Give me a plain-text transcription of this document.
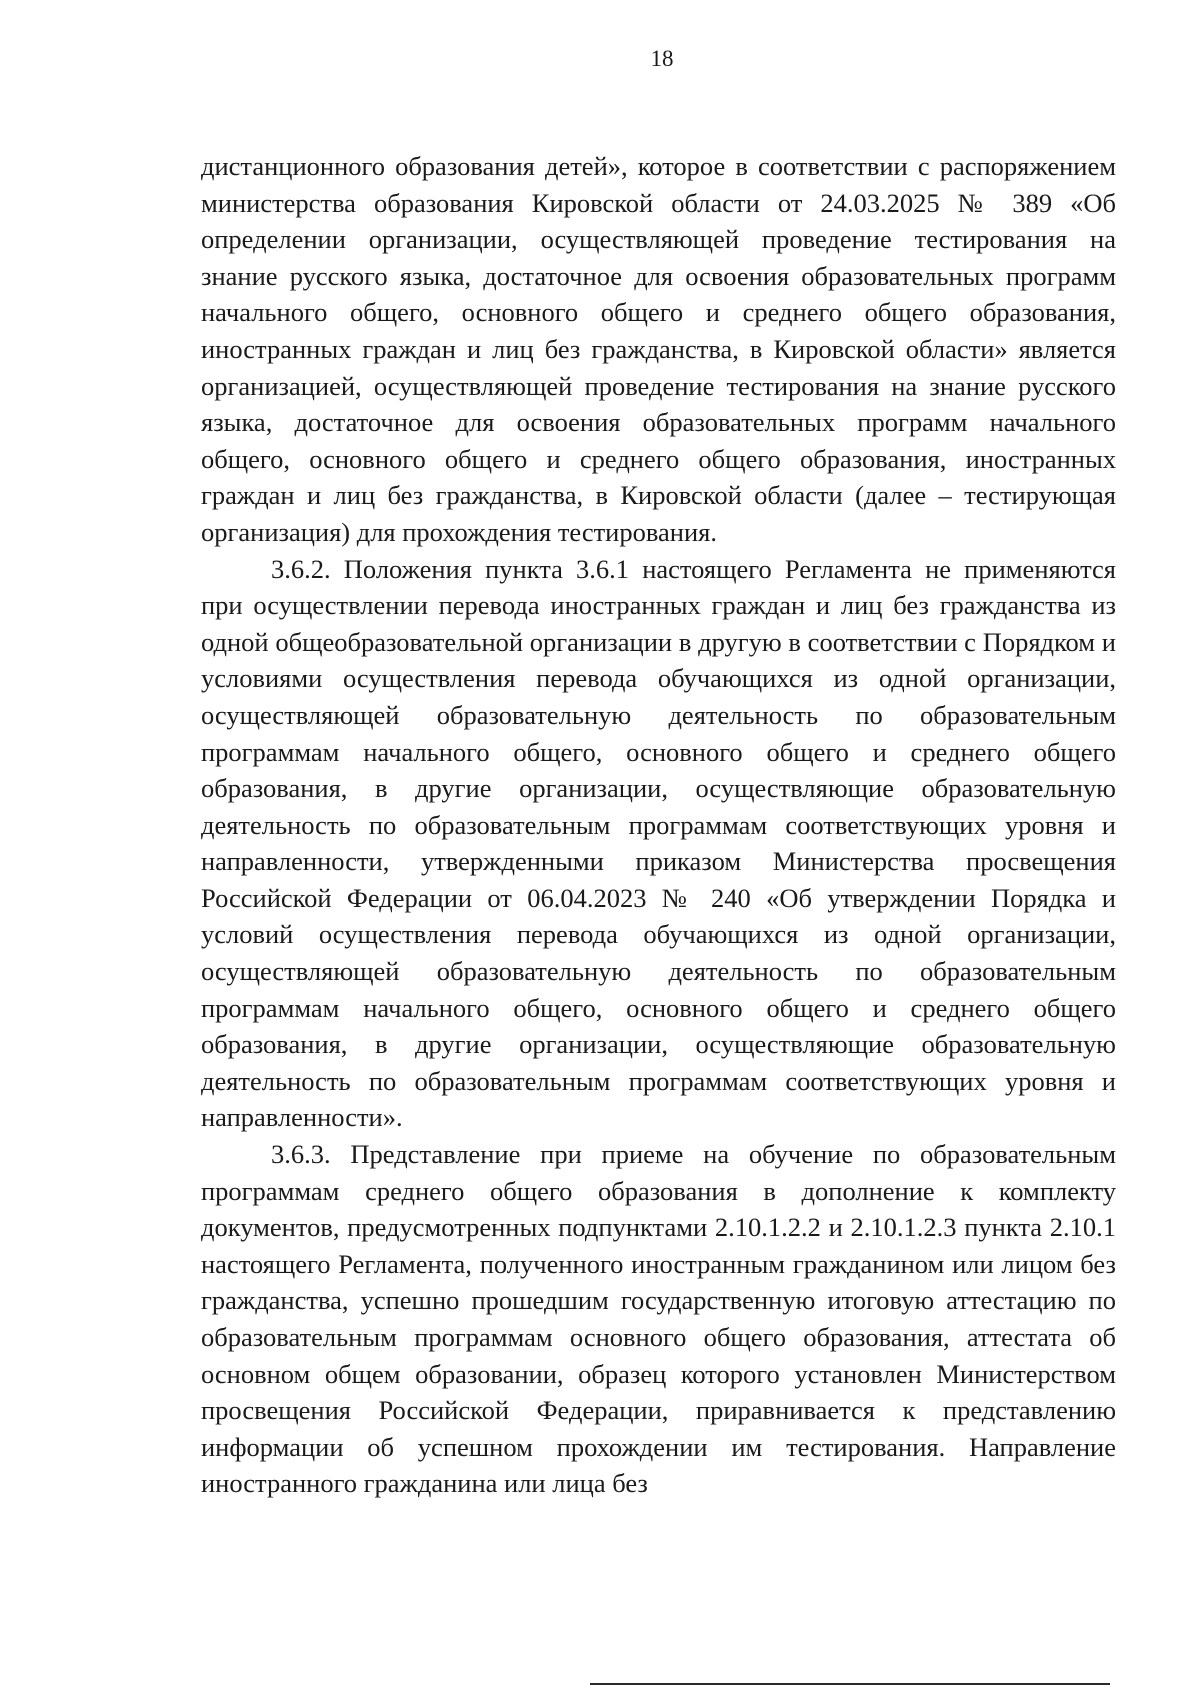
18

дистанционного образования детей», которое в соответствии с распоряжением министерства образования Кировской области от 24.03.2025 № 389 «Об определении организации, осуществляющей проведение тестирования на знание русского языка, достаточное для освоения образовательных программ начального общего, основного общего и среднего общего образования, иностранных граждан и лиц без гражданства, в Кировской области» является организацией, осуществляющей проведение тестирования на знание русского языка, достаточное для освоения образовательных программ начального общего, основного общего и среднего общего образования, иностранных граждан и лиц без гражданства, в Кировской области (далее – тестирующая организация) для прохождения тестирования.

3.6.2. Положения пункта 3.6.1 настоящего Регламента не применяются при осуществлении перевода иностранных граждан и лиц без гражданства из одной общеобразовательной организации в другую в соответствии с Порядком и условиями осуществления перевода обучающихся из одной организации, осуществляющей образовательную деятельность по образовательным программам начального общего, основного общего и среднего общего образования, в другие организации, осуществляющие образовательную деятельность по образовательным программам соответствующих уровня и направленности, утвержденными приказом Министерства просвещения Российской Федерации от 06.04.2023 № 240 «Об утверждении Порядка и условий осуществления перевода обучающихся из одной организации, осуществляющей образовательную деятельность по образовательным программам начального общего, основного общего и среднего общего образования, в другие организации, осуществляющие образовательную деятельность по образовательным программам соответствующих уровня и направленности».

3.6.3. Представление при приеме на обучение по образовательным программам среднего общего образования в дополнение к комплекту документов, предусмотренных подпунктами 2.10.1.2.2 и 2.10.1.2.3 пункта 2.10.1 настоящего Регламента, полученного иностранным гражданином или лицом без гражданства, успешно прошедшим государственную итоговую аттестацию по образовательным программам основного общего образования, аттестата об основном общем образовании, образец которого установлен Министерством просвещения Российской Федерации, приравнивается к представлению информации об успешном прохождении им тестирования. Направление иностранного гражданина или лица без
